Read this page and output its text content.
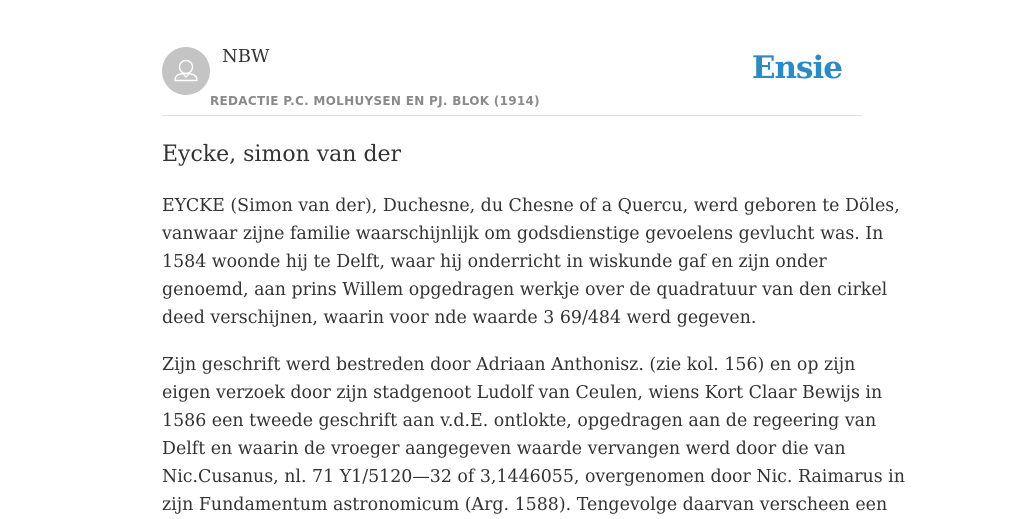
NBW
REDACTIE P.C. MOLHUYSEN EN PJ. BLOK (1914)
Ensie
Eycke, simon van der

EYCKE (Simon van der), Duchesne, du Chesne of a Quercu, werd geboren te Döles,
vanwaar zijne familie waarschijnlijk om godsdienstige gevoelens gevlucht was. In
1584 woonde hij te Delft, waar hij onderricht in wiskunde gaf en zijn onder
genoemd, aan prins Willem opgedragen werkje over de quadratuur van den cirkel
deed verschijnen, waarin voor nde waarde 3 69/484 werd gegeven.

Zijn geschrift werd bestreden door Adriaan Anthonisz. (zie kol. 156) en op zijn
eigen verzoek door zijn stadgenoot Ludolf van Ceulen, wiens Kort Claar Bewijs in
1586 een tweede geschrift aan v.d.E. ontlokte, opgedragen aan de regeering van
Delft en waarin de vroeger aangegeven waarde vervangen werd door die van
Nic.Cusanus, nl. 71 Y1/5120—32 of 3,1446055, overgenomen door Nic. Raimarus in
zijn Fundamentum astronomicum (Arg. 1588). Tengevolge daarvan verscheen een
